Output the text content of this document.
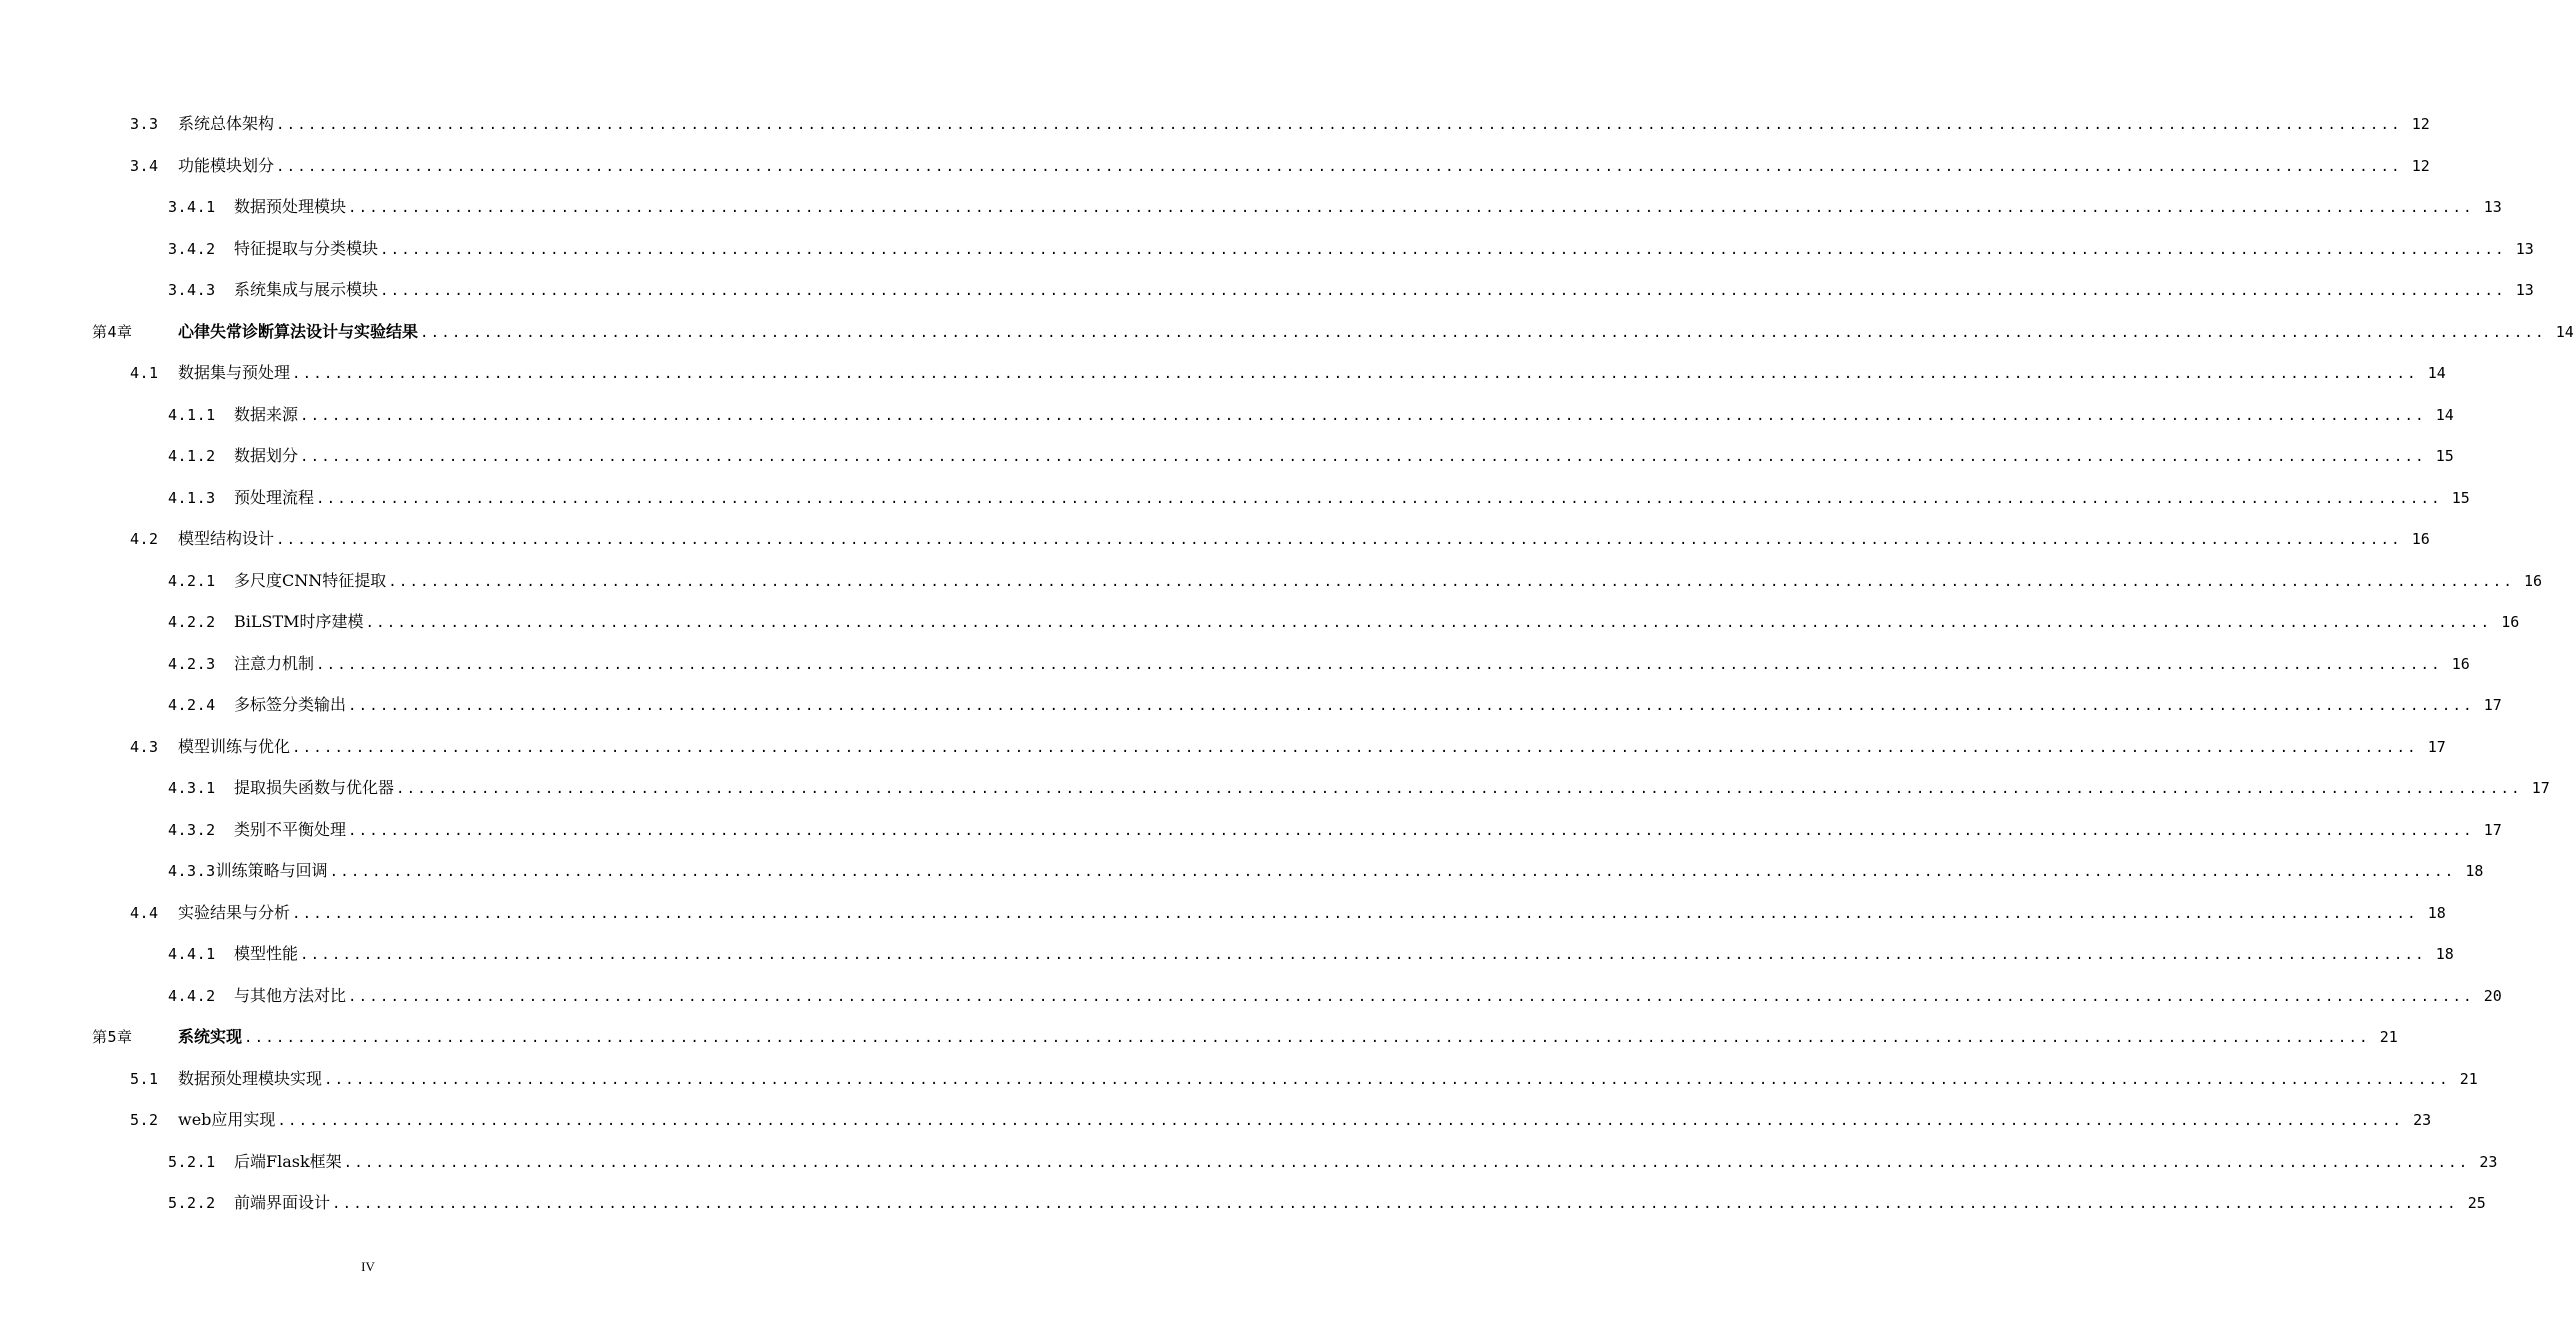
3.3	系统总体架构 ........................................................................................................................................................................................................ 12
3.4	功能模块划分 ........................................................................................................................................................................................................ 12
3.4.1	数据预处理模块 ........................................................................................................................................................................................................ 13
3.4.2	特征提取与分类模块 ........................................................................................................................................................................................................ 13
3.4.3	系统集成与展示模块 ........................................................................................................................................................................................................ 13
第4章	心律失常诊断算法设计与实验结果 ........................................................................................................................................................................................................ 14
4.1	数据集与预处理 ........................................................................................................................................................................................................ 14
4.1.1	数据来源 ........................................................................................................................................................................................................ 14
4.1.2	数据划分 ........................................................................................................................................................................................................ 15
4.1.3	预处理流程 ........................................................................................................................................................................................................ 15
4.2	模型结构设计 ........................................................................................................................................................................................................ 16
4.2.1	多尺度CNN特征提取 ........................................................................................................................................................................................................ 16
4.2.2	BiLSTM时序建模 ........................................................................................................................................................................................................ 16
4.2.3	注意力机制 ........................................................................................................................................................................................................ 16
4.2.4	多标签分类输出 ........................................................................................................................................................................................................ 17
4.3	模型训练与优化 ........................................................................................................................................................................................................ 17
4.3.1	提取损失函数与优化器 ........................................................................................................................................................................................................ 17
4.3.2	类别不平衡处理 ........................................................................................................................................................................................................ 17
4.3.3 训练策略与回调 ........................................................................................................................................................................................................ 18
4.4	实验结果与分析 ........................................................................................................................................................................................................ 18
4.4.1	模型性能 ........................................................................................................................................................................................................ 18
4.4.2	与其他方法对比 ........................................................................................................................................................................................................ 20
第5章	系统实现 ........................................................................................................................................................................................................ 21
5.1	数据预处理模块实现 ........................................................................................................................................................................................................ 21
5.2	web应用实现 ........................................................................................................................................................................................................ 23
5.2.1	后端Flask框架 ........................................................................................................................................................................................................ 23
5.2.2	前端界面设计 ........................................................................................................................................................................................................ 25
IV
